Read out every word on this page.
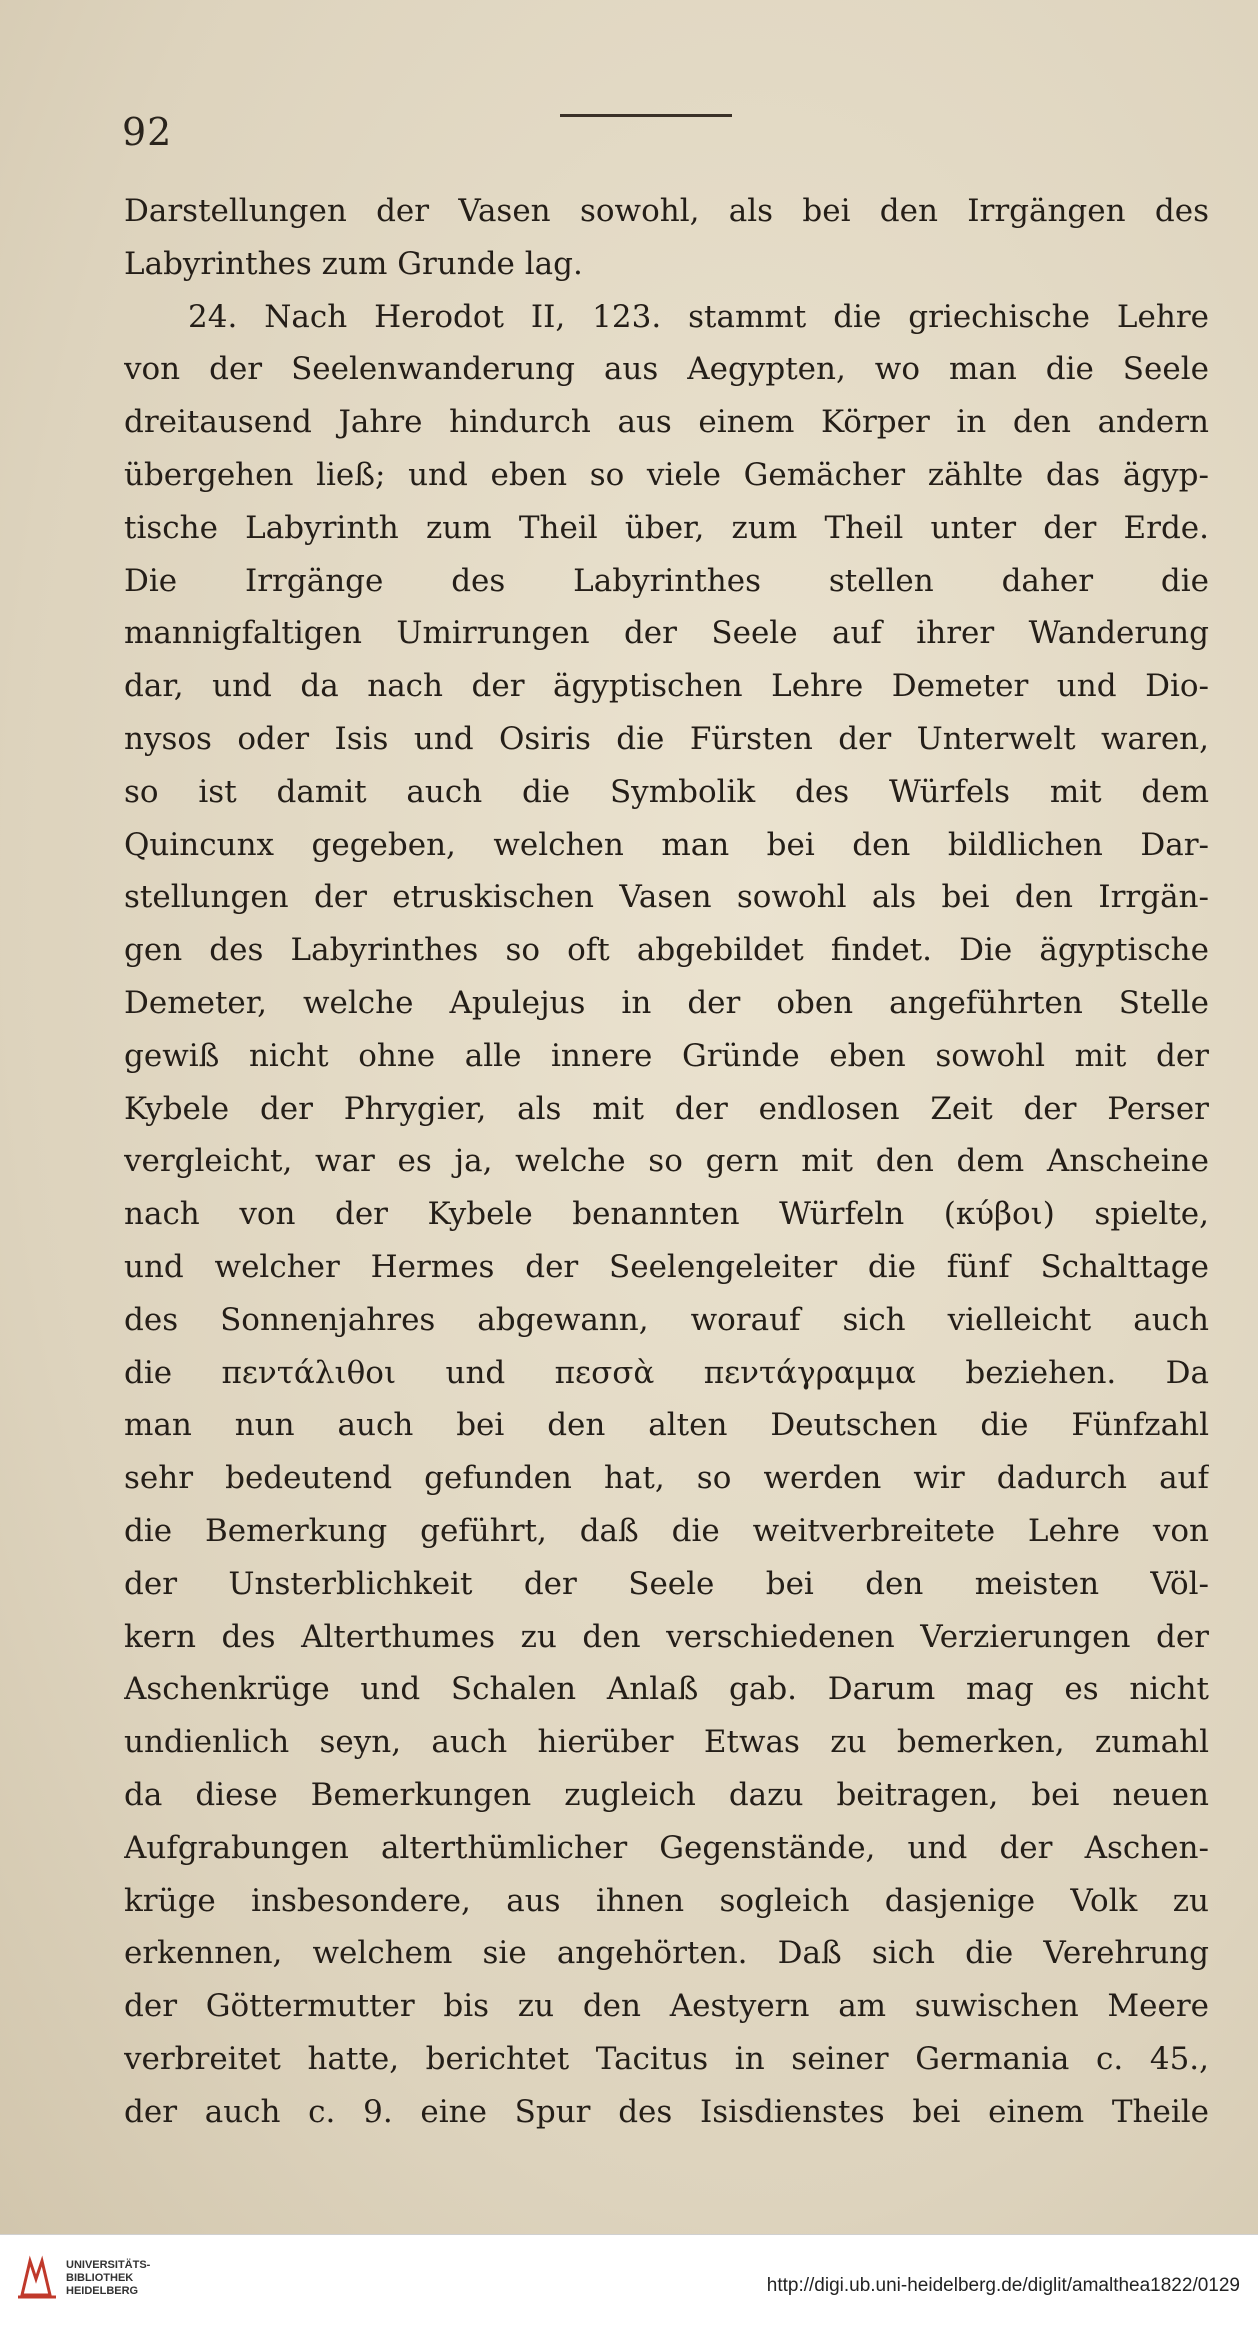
92
Darstellungen der Vasen sowohl, als bei den Irrgängen des
Labyrinthes zum Grunde lag.
24. Nach Herodot II, 123. stammt die griechische Lehre
von der Seelenwanderung aus Aegypten, wo man die Seele
dreitausend Jahre hindurch aus einem Körper in den andern
übergehen ließ; und eben so viele Gemächer zählte das ägyp-
tische Labyrinth zum Theil über, zum Theil unter der Erde.
Die Irrgänge des Labyrinthes stellen daher die
mannigfaltigen Umirrungen der Seele auf ihrer Wanderung
dar, und da nach der ägyptischen Lehre Demeter und Dio-
nysos oder Isis und Osiris die Fürsten der Unterwelt waren,
so ist damit auch die Symbolik des Würfels mit dem
Quincunx gegeben, welchen man bei den bildlichen Dar-
stellungen der etruskischen Vasen sowohl als bei den Irrgän-
gen des Labyrinthes so oft abgebildet findet. Die ägyptische
Demeter, welche Apulejus in der oben angeführten Stelle
gewiß nicht ohne alle innere Gründe eben sowohl mit der
Kybele der Phrygier, als mit der endlosen Zeit der Perser
vergleicht, war es ja, welche so gern mit den dem Anscheine
nach von der Kybele benannten Würfeln (κύβοι) spielte,
und welcher Hermes der Seelengeleiter die fünf Schalttage
des Sonnenjahres abgewann, worauf sich vielleicht auch
die πεντάλιθοι und πεσσὰ πεντάγραμμα beziehen. Da
man nun auch bei den alten Deutschen die Fünfzahl
sehr bedeutend gefunden hat, so werden wir dadurch auf
die Bemerkung geführt, daß die weitverbreitete Lehre von
der Unsterblichkeit der Seele bei den meisten Völ-
kern des Alterthumes zu den verschiedenen Verzierungen der
Aschenkrüge und Schalen Anlaß gab. Darum mag es nicht
undienlich seyn, auch hierüber Etwas zu bemerken, zumahl
da diese Bemerkungen zugleich dazu beitragen, bei neuen
Aufgrabungen alterthümlicher Gegenstände, und der Aschen-
krüge insbesondere, aus ihnen sogleich dasjenige Volk zu
erkennen, welchem sie angehörten. Daß sich die Verehrung
der Göttermutter bis zu den Aestyern am suwischen Meere
verbreitet hatte, berichtet Tacitus in seiner Germania c. 45.,
der auch c. 9. eine Spur des Isisdienstes bei einem Theile
UNIVERSITÄTS-
BIBLIOTHEK
HEIDELBERG	http://digi.ub.uni-heidelberg.de/diglit/amalthea1822/0129
